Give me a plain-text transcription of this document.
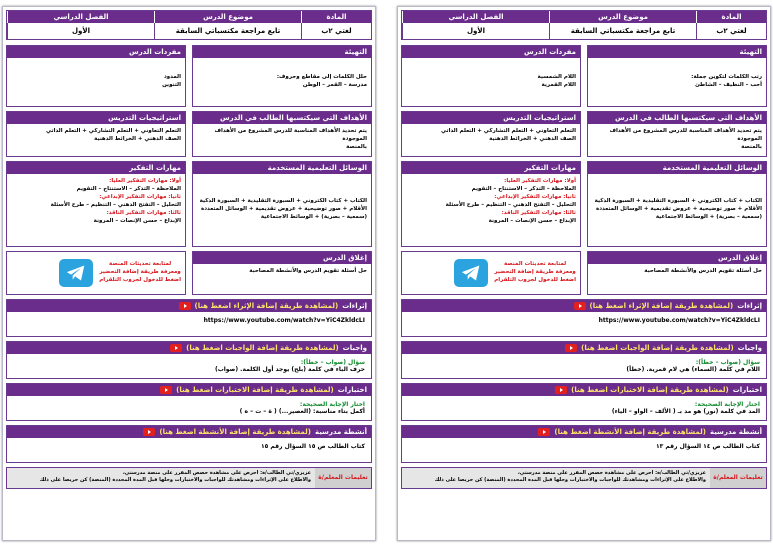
المادة
موضوع الدرس
الفصل الدراسي
لغتي ٢ب
تابع مراجعة مكتسباتي السابقة
الأول
التهيئة
رتب الكلمات لتكوين جملة:
أحب – النظيف – الشاطئ
مفردات الدرس
اللام الشمسية
اللام القمرية
الأهداف التي سيكتسبها الطالب في الدرس
يتم تحديد الأهداف المناسبة للدرس المشروع من الأهداف الموجودة
بالمنصة
استراتيجيات التدريس
التعلم التعاوني + التعلم التشاركي + التعلم الذاتي
الصف الذهني + الخرائط الذهنية
الوسائل التعليمية المستخدمة
الكتاب + كتاب الكتروني + السبورة التقليدية + السبورة الذكية
الأقلام + صور توضيحية + عروض تقديمية + الوسائل المتعددة
(سمعية – بصرية) + الوسائط الاجتماعية
مهارات التفكير
أولا: مهارات التفكير العليا:
الملاحظة – التذكر – الاستنتاج – التقويم
ثانيا: مهارات التفكير الإبداعي:
التحليل – التفتح الذهني – التنظيم – طرح الأسئلة
ثالثا: مهارات التفكير الناقد:
الإبداع – حسن الإنصات – المرونة
إغلاق الدرس
حل أسئلة تقويم الدرس والأنشطة المصاحبة
لمتابعة تحديثات المنصة
ومعرفة طريقة إضافة التحضير
اضغط للدخول لجروب التلقرام
إثراءات
(لمشاهدة طريقة إضافة الإثراء اضغط هنا)
https://www.youtube.com/watch?v=YiC4ZkldcLI
واجبات
(لمشاهدة طريقة إضافة الواجبات اضغط هنا)
سؤال (صواب – خطأ):
اللام في كلمة (السماء) هي لام قمرية. (خطأ)
اختبارات
(لمشاهدة طريقة إضافة الاختبارات اضغط هنا)
اختار الإجابة الصحيحة:
المد في كلمة (نور) هو مد بـ ( الألف – الواو – الياء)
أنشطة مدرسية
(لمشاهدة طريقة إضافة الأنشطة اضغط هنا)
كتاب الطالب ص ١٤ السؤال رقم ١٣
تعليمات المعلم/ة
عزيزي/تي الطالب/ة: احرص على مشاهدة حصص المقرر على منصة مدرستي،
والاطلاع على الإثراءات ومشاهدتك للواجبات والاختبارات وحلها قبل المدة المحددة (المنصة) كن حريصا على ذلك
المادة
موضوع الدرس
الفصل الدراسي
لغتي ٢ب
تابع مراجعة مكتسباتي السابقة
الأول
التهيئة
حلل الكلمات إلى مقاطع وحروف:
مدرسة – القمر – الوطن
مفردات الدرس
المدود
التنوين
الأهداف التي سيكتسبها الطالب في الدرس
يتم تحديد الأهداف المناسبة للدرس المشروع من الأهداف الموجودة
بالمنصة
استراتيجيات التدريس
التعلم التعاوني + التعلم التشاركي + التعلم الذاتي
الصف الذهني + الخرائط الذهنية
الوسائل التعليمية المستخدمة
الكتاب + كتاب الكتروني + السبورة التقليدية + السبورة الذكية
الأقلام + صور توضيحية + عروض تقديمية + الوسائل المتعددة
(سمعية – بصرية) + الوسائط الاجتماعية
مهارات التفكير
أولا: مهارات التفكير العليا:
الملاحظة – التذكر – الاستنتاج – التقويم
ثانيا: مهارات التفكير الإبداعي:
التحليل – التفتح الذهني – التنظيم – طرح الأسئلة
ثالثا: مهارات التفكير الناقد:
الإبداع – حسن الإنصات – المرونة
إغلاق الدرس
حل أسئلة تقويم الدرس والأنشطة المصاحبة
لمتابعة تحديثات المنصة
ومعرفة طريقة إضافة التحضير
اضغط للدخول لجروب التلقرام
إثراءات
(لمشاهدة طريقة إضافة الإثراء اضغط هنا)
https://www.youtube.com/watch?v=YiC4ZkldcLI
واجبات
(لمشاهدة طريقة إضافة الواجبات اضغط هنا)
سؤال (صواب – خطأ):
حرف الباء في كلمة (بلح) يوجد أول الكلمة. (صواب)
اختبارات
(لمشاهدة طريقة إضافة الاختبارات اضغط هنا)
اختار الإجابة الصحيحة:
أكمل بتاء مناسبة: (العصير...) ( ة – ت – ه )
أنشطة مدرسية
(لمشاهدة طريقة إضافة الأنشطة اضغط هنا)
كتاب الطالب ص ١٥ السؤال رقم ١٥
تعليمات المعلم/ة
عزيزي/تي الطالب/ة: احرص على مشاهدة حصص المقرر على منصة مدرستي،
والاطلاع على الإثراءات ومشاهدتك للواجبات والاختبارات وحلها قبل المدة المحددة (المنصة) كن حريصا على ذلك
